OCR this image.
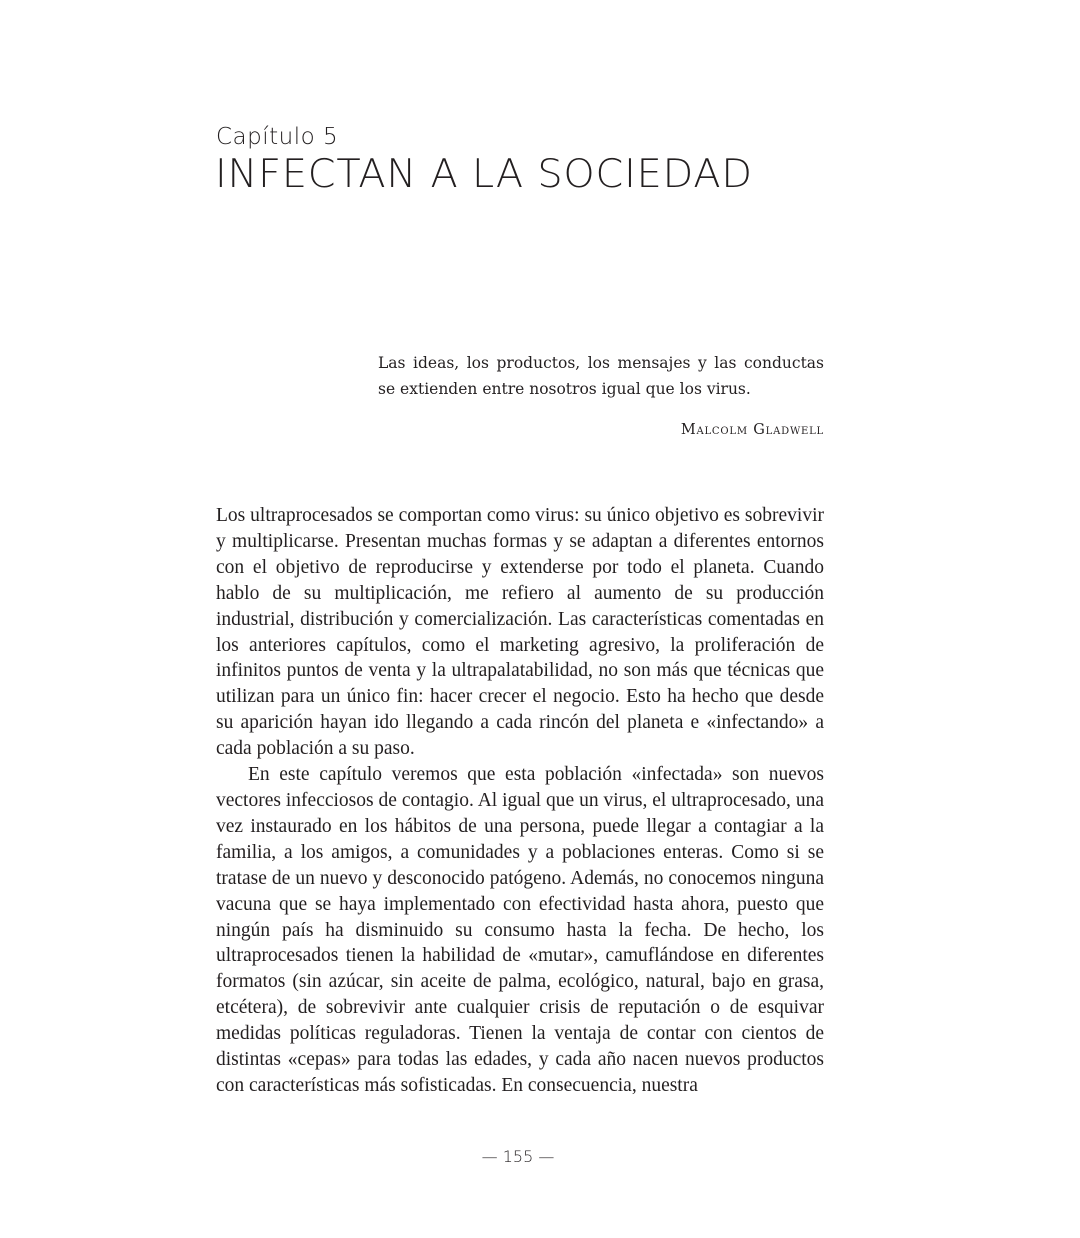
Capítulo 5
INFECTAN A LA SOCIEDAD

Las ideas, los productos, los mensajes y las conductas se extienden entre nosotros igual que los virus.

Malcolm Gladwell

Los ultraprocesados se comportan como virus: su único objetivo es sobrevivir y multiplicarse. Presentan muchas formas y se adaptan a diferentes entornos con el objetivo de reproducirse y extenderse por todo el planeta. Cuando hablo de su multiplicación, me refiero al aumento de su producción industrial, distribución y comercialización. Las características comentadas en los anteriores capítulos, como el marketing agresivo, la proliferación de infinitos puntos de venta y la ultrapalatabilidad, no son más que técnicas que utilizan para un único fin: hacer crecer el negocio. Esto ha hecho que desde su aparición hayan ido llegando a cada rincón del planeta e «infectando» a cada población a su paso.

En este capítulo veremos que esta población «infectada» son nuevos vectores infecciosos de contagio. Al igual que un virus, el ultraprocesado, una vez instaurado en los hábitos de una persona, puede llegar a contagiar a la familia, a los amigos, a comunidades y a poblaciones enteras. Como si se tratase de un nuevo y desconocido patógeno. Además, no conocemos ninguna vacuna que se haya implementado con efectividad hasta ahora, puesto que ningún país ha disminuido su consumo hasta la fecha. De hecho, los ultraprocesados tienen la habilidad de «mutar», camuflándose en diferentes formatos (sin azúcar, sin aceite de palma, ecológico, natural, bajo en grasa, etcétera), de sobrevivir ante cualquier crisis de reputación o de esquivar medidas políticas reguladoras. Tienen la ventaja de contar con cientos de distintas «cepas» para todas las edades, y cada año nacen nuevos productos con características más sofisticadas. En consecuencia, nuestra

— 155 —
